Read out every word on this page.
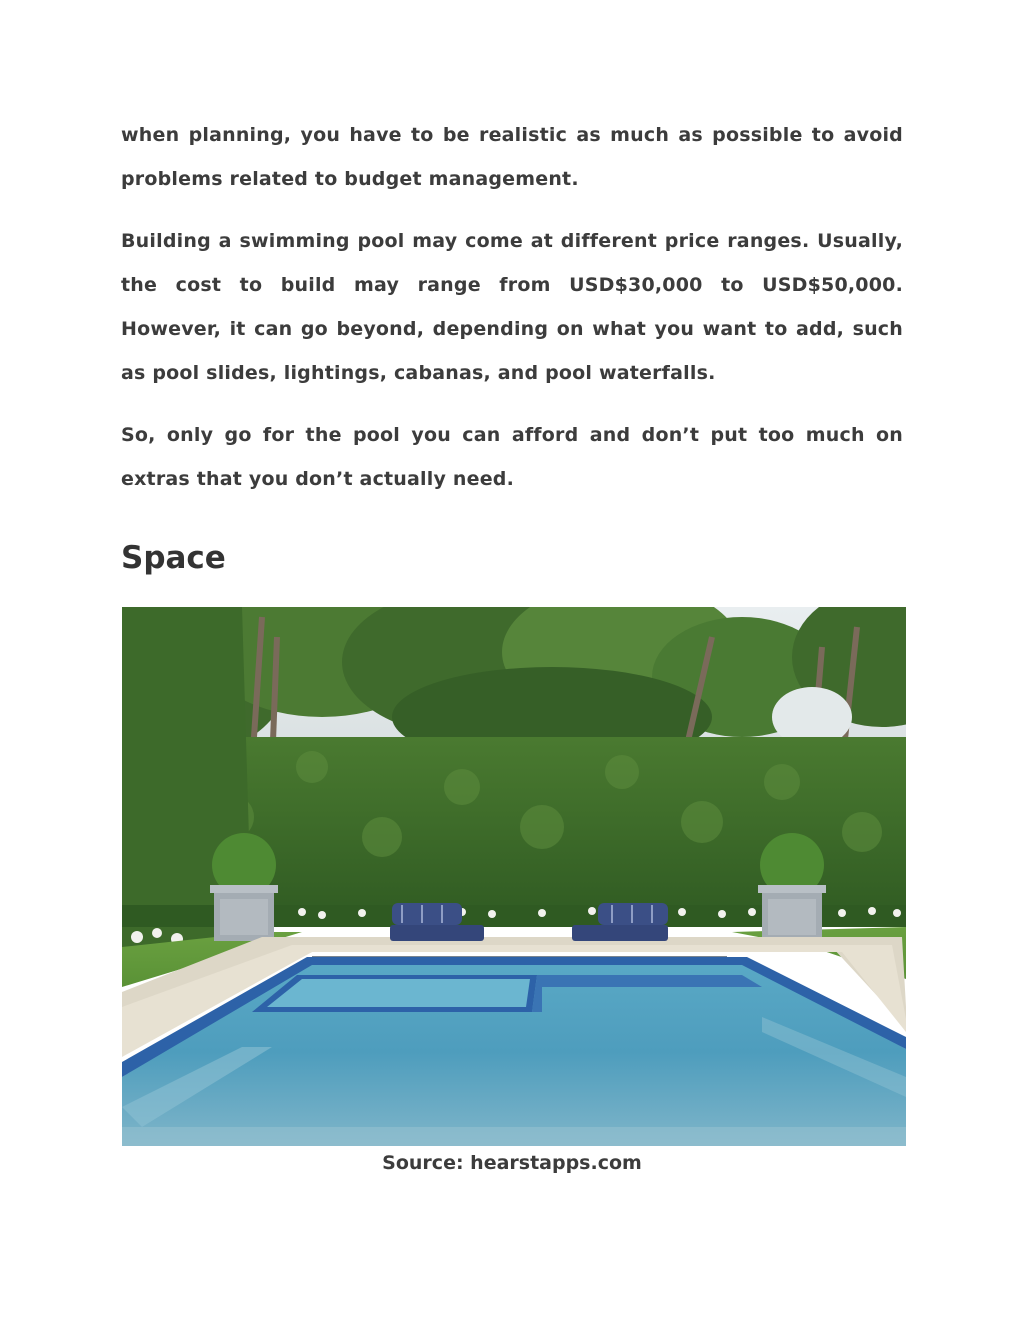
when planning, you have to be realistic as much as possible to avoid problems related to budget management.

Building a swimming pool may come at different price ranges. Usually, the cost to build may range from USD$30,000 to USD$50,000. However, it can go beyond, depending on what you want to add, such as pool slides, lightings, cabanas, and pool waterfalls.

So, only go for the pool you can afford and don’t put too much on extras that you don’t actually need.

Space

Source: hearstapps.com
